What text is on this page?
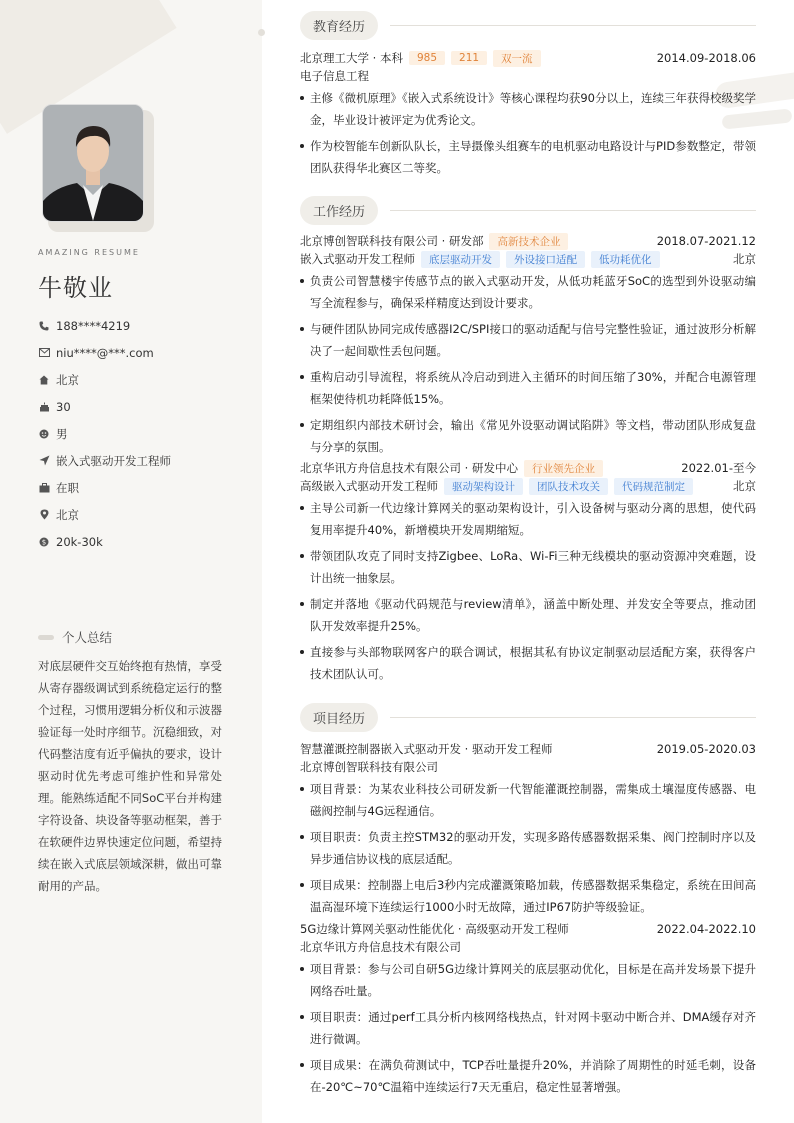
AMAZING RESUME
牛敬业
188****4219
niu****@***.com
北京
30
男
嵌入式驱动开发工程师
在职
北京
$ 20k-30k
个人总结
对底层硬件交互始终抱有热情，享受从寄存器级调试到系统稳定运行的整个过程，习惯用逻辑分析仪和示波器验证每一处时序细节。沉稳细致，对代码整洁度有近乎偏执的要求，设计驱动时优先考虑可维护性和异常处理。能熟练适配不同SoC平台并构建字符设备、块设备等驱动框架，善于在软硬件边界快速定位问题，希望持续在嵌入式底层领域深耕，做出可靠耐用的产品。
教育经历
北京理工大学 · 本科	985	211	双一流	2014.09-2018.06
电子信息工程
主修《微机原理》《嵌入式系统设计》等核心课程均获90分以上，连续三年获得校级奖学金，毕业设计被评定为优秀论文。
作为校智能车创新队队长，主导摄像头组赛车的电机驱动电路设计与PID参数整定，带领团队获得华北赛区二等奖。
工作经历
北京博创智联科技有限公司 · 研发部	高新技术企业	2018.07-2021.12
嵌入式驱动开发工程师	底层驱动开发	外设接口适配	低功耗优化	北京
负责公司智慧楼宇传感节点的嵌入式驱动开发，从低功耗蓝牙SoC的选型到外设驱动编写全流程参与，确保采样精度达到设计要求。
与硬件团队协同完成传感器I2C/SPI接口的驱动适配与信号完整性验证，通过波形分析解决了一起间歇性丢包问题。
重构启动引导流程，将系统从冷启动到进入主循环的时间压缩了30%，并配合电源管理框架使待机功耗降低15%。
定期组织内部技术研讨会，输出《常见外设驱动调试陷阱》等文档，带动团队形成复盘与分享的氛围。
北京华讯方舟信息技术有限公司 · 研发中心	行业领先企业	2022.01-至今
高级嵌入式驱动开发工程师	驱动架构设计	团队技术攻关	代码规范制定	北京
主导公司新一代边缘计算网关的驱动架构设计，引入设备树与驱动分离的思想，使代码复用率提升40%，新增模块开发周期缩短。
带领团队攻克了同时支持Zigbee、LoRa、Wi-Fi三种无线模块的驱动资源冲突难题，设计出统一抽象层。
制定并落地《驱动代码规范与review清单》，涵盖中断处理、并发安全等要点，推动团队开发效率提升25%。
直接参与头部物联网客户的联合调试，根据其私有协议定制驱动层适配方案，获得客户技术团队认可。
项目经历
智慧灌溉控制器嵌入式驱动开发 · 驱动开发工程师	2019.05-2020.03
北京博创智联科技有限公司
项目背景：为某农业科技公司研发新一代智能灌溉控制器，需集成土壤湿度传感器、电磁阀控制与4G远程通信。
项目职责：负责主控STM32的驱动开发，实现多路传感器数据采集、阀门控制时序以及异步通信协议栈的底层适配。
项目成果：控制器上电后3秒内完成灌溉策略加载，传感器数据采集稳定，系统在田间高温高湿环境下连续运行1000小时无故障，通过IP67防护等级验证。
5G边缘计算网关驱动性能优化 · 高级驱动开发工程师	2022.04-2022.10
北京华讯方舟信息技术有限公司
项目背景：参与公司自研5G边缘计算网关的底层驱动优化，目标是在高并发场景下提升网络吞吐量。
项目职责：通过perf工具分析内核网络栈热点，针对网卡驱动中断合并、DMA缓存对齐进行微调。
项目成果：在满负荷测试中，TCP吞吐量提升20%，并消除了周期性的时延毛刺，设备在-20℃~70℃温箱中连续运行7天无重启，稳定性显著增强。
